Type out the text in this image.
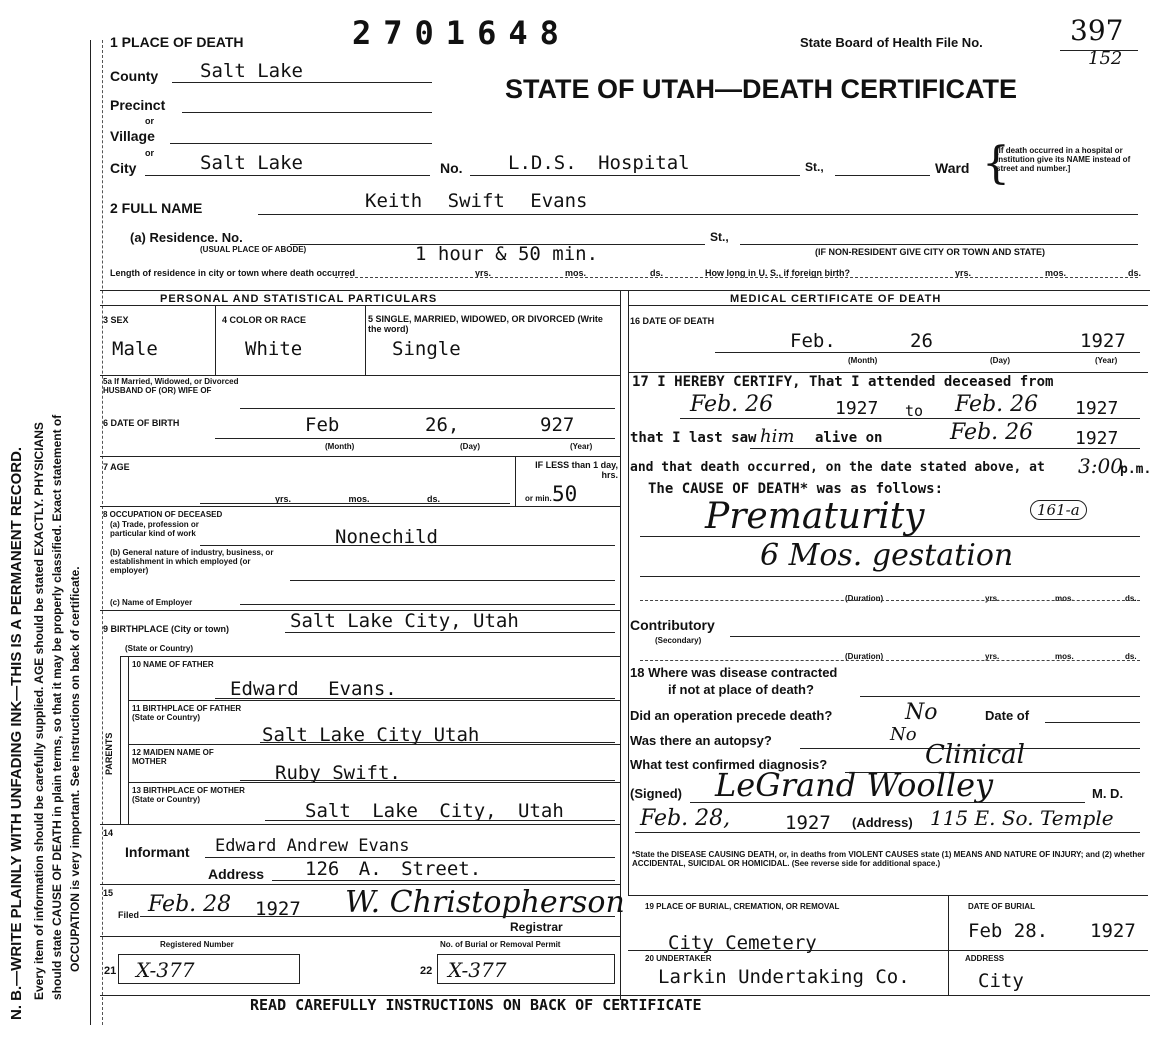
N. B.—WRITE PLAINLY WITH UNFADING INK—THIS IS A PERMANENT RECORD. Every item of information should be carefully supplied. AGE should be stated EXACTLY. PHYSICIANS should state CAUSE OF DEATH in plain terms, so that it may be properly classified. Exact statement of OCCUPATION is very important. See instructions on back of certificate.
1 PLACE OF DEATH	2701648	State Board of Health File No.	397
152
STATE OF UTAH—DEATH CERTIFICATE
County Salt Lake
Precinct
or
Village
or
City	Salt Lake	No. L.D.S. Hospital	St.,	Ward
[If death occurred in a hospital or institution give its NAME instead of street and number.]
{
2 FULL NAME	Keith Swift Evans
(a) Residence. No.
(USUAL PLACE OF ABODE)	1 hour & 50 min.
St.,
(IF NON-RESIDENT GIVE CITY OR TOWN AND STATE)
Length of residence in city or town where death occurred	yrs.	mos.	ds.	How long in U. S., if foreign birth?	yrs.	mos.	ds.
PERSONAL AND STATISTICAL PARTICULARS	MEDICAL CERTIFICATE OF DEATH
3 SEX
Male
4 COLOR OR RACE
White
5 SINGLE, MARRIED, WIDOWED, OR DIVORCED (Write the word)
Single
5a If Married, Widowed, or Divorced HUSBAND OF (OR) WIFE OF
6 DATE OF BIRTH	Feb	26,	927
(Month)	(Day)	(Year)
7 AGE	IF LESS than 1 day, hrs.
50
or min.
yrs. mos. ds.
8 OCCUPATION OF DECEASED
(a) Trade, profession or particular kind of work	Nonechild
(b) General nature of industry, business, or establishment in which employed (or employer)
(c) Name of Employer
9 BIRTHPLACE (City or town)	Salt Lake City, Utah
(State or Country)
PARENTS
10 NAME OF FATHER
Edward Evans.
11 BIRTHPLACE OF FATHER (State or Country)
Salt Lake City Utah
12 MAIDEN NAME OF MOTHER
Ruby Swift.
13 BIRTHPLACE OF MOTHER (State or Country)
Salt Lake City, Utah
14
Informant Edward Andrew Evans
Address 126 A. Street.
15
Filed Feb. 28 1927 W. Christopherson
Registrar
Registered Number	No. of Burial or Removal Permit
21 X-377	22 X-377
16 DATE OF DEATH
Feb.	26	1927
(Month)	(Day)	(Year)
17 I HEREBY CERTIFY, That I attended deceased from
Feb. 26	1927 to Feb. 26 1927
that I last saw him alive on	Feb. 26 1927
and that death occurred, on the date stated above, at 3:00
p.m.
The CAUSE OF DEATH* was as follows:
Prematurity	161-a
6 Mos. gestation
(Duration)	yrs.	mos.	ds.
Contributory
(Secondary)
(Duration)	yrs.	mos.	ds.
18 Where was disease contracted
if not at place of death?
Did an operation precede death?	No	Date of
Was there an autopsy?	No
What test confirmed diagnosis?	Clinical
(Signed) LeGrand Woolley	M. D.
Feb. 28,	1927 (Address) 115 E. So. Temple
*State the DISEASE CAUSING DEATH, or, in deaths from VIOLENT CAUSES state (1) MEANS AND NATURE OF INJURY; and (2) whether ACCIDENTAL, SUICIDAL OR HOMICIDAL. (See reverse side for additional space.)
19 PLACE OF BURIAL, CREMATION, OR REMOVAL
City Cemetery
DATE OF BURIAL
Feb 28. 1927
20 UNDERTAKER
Larkin Undertaking Co.
ADDRESS
City
READ CAREFULLY INSTRUCTIONS ON BACK OF CERTIFICATE
